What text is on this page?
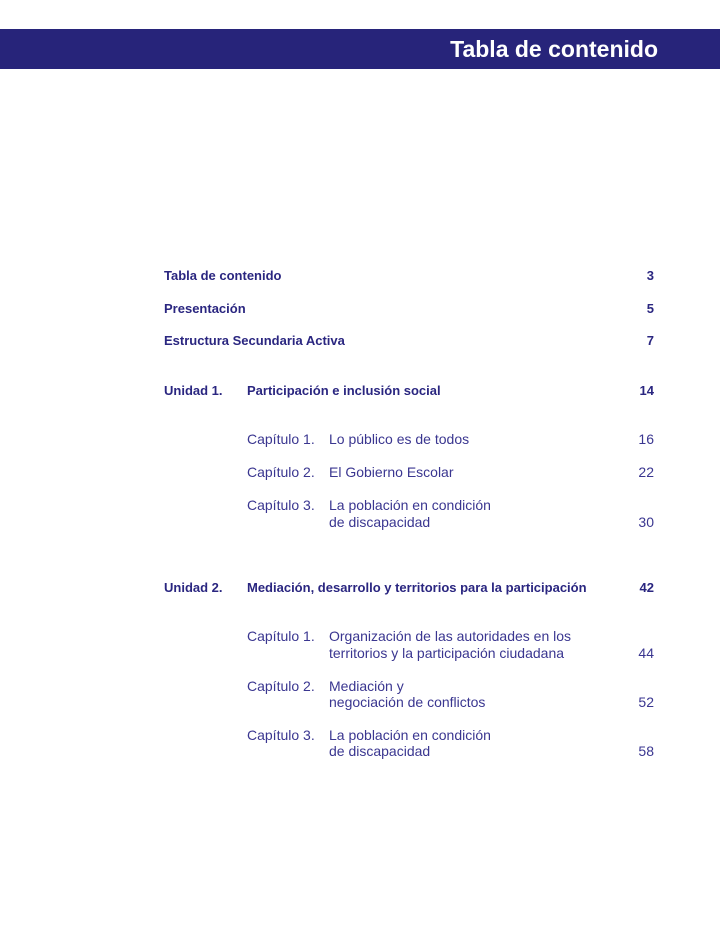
Tabla de contenido
Tabla de contenido	3
Presentación	5
Estructura Secundaria Activa	7
Unidad 1. Participación e inclusión social	14
Capítulo 1. Lo público es de todos	16
Capítulo 2. El Gobierno Escolar	22
Capítulo 3. La población en condición
de discapacidad	30
Unidad 2. Mediación, desarrollo y territorios para la participación	42
Capítulo 1. Organización de las autoridades en los
territorios y la participación ciudadana	44
Capítulo 2. Mediación y
negociación de conflictos	52
Capítulo 3. La población en condición
de discapacidad	58
